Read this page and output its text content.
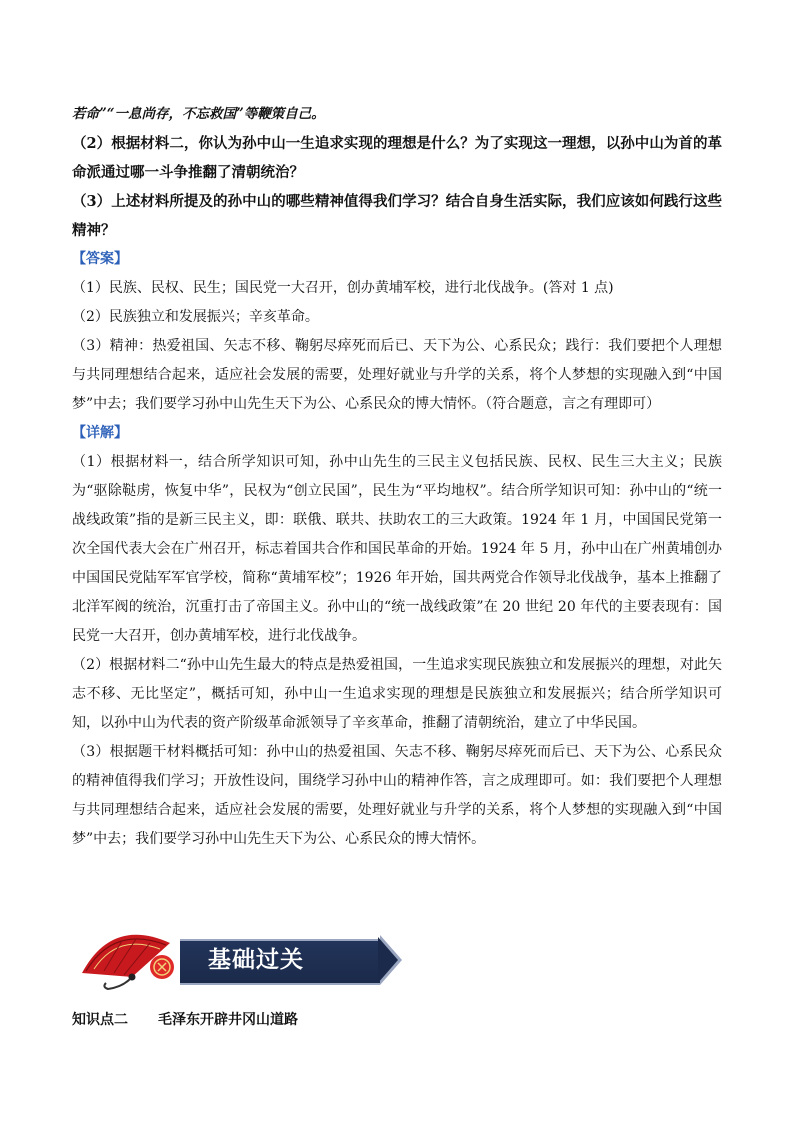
若命”“一息尚存，不忘救国”等鞭策自己。

（2）根据材料二，你认为孙中山一生追求实现的理想是什么？为了实现这一理想，以孙中山为首的革命派通过哪一斗争推翻了清朝统治？

（3）上述材料所提及的孙中山的哪些精神值得我们学习？结合自身生活实际，我们应该如何践行这些精神？

【答案】

（1）民族、民权、民生；国民党一大召开，创办黄埔军校，进行北伐战争。(答对 1 点)

（2）民族独立和发展振兴；辛亥革命。

（3）精神：热爱祖国、矢志不移、鞠躬尽瘁死而后已、天下为公、心系民众；践行：我们要把个人理想与共同理想结合起来，适应社会发展的需要，处理好就业与升学的关系，将个人梦想的实现融入到“中国梦”中去；我们要学习孙中山先生天下为公、心系民众的博大情怀。（符合题意，言之有理即可）

【详解】

（1）根据材料一，结合所学知识可知，孙中山先生的三民主义包括民族、民权、民生三大主义；民族为“驱除鞑虏，恢复中华”，民权为“创立民国”，民生为“平均地权”。结合所学知识可知：孙中山的“统一战线政策”指的是新三民主义，即：联俄、联共、扶助农工的三大政策。1924 年 1 月，中国国民党第一次全国代表大会在广州召开，标志着国共合作和国民革命的开始。1924 年 5 月，孙中山在广州黄埔创办中国国民党陆军军官学校，简称“黄埔军校”；1926 年开始，国共两党合作领导北伐战争，基本上推翻了北洋军阀的统治，沉重打击了帝国主义。孙中山的“统一战线政策”在 20 世纪 20 年代的主要表现有：国民党一大召开，创办黄埔军校，进行北伐战争。

（2）根据材料二“孙中山先生最大的特点是热爱祖国，一生追求实现民族独立和发展振兴的理想，对此矢志不移、无比坚定”，概括可知，孙中山一生追求实现的理想是民族独立和发展振兴；结合所学知识可知，以孙中山为代表的资产阶级革命派领导了辛亥革命，推翻了清朝统治，建立了中华民国。

（3）根据题干材料概括可知：孙中山的热爱祖国、矢志不移、鞠躬尽瘁死而后已、天下为公、心系民众的精神值得我们学习；开放性设问，围绕学习孙中山的精神作答，言之成理即可。如：我们要把个人理想与共同理想结合起来，适应社会发展的需要，处理好就业与升学的关系，将个人梦想的实现融入到“中国梦”中去；我们要学习孙中山先生天下为公、心系民众的博大情怀。

基础过关
知识点二 毛泽东开辟井冈山道路
